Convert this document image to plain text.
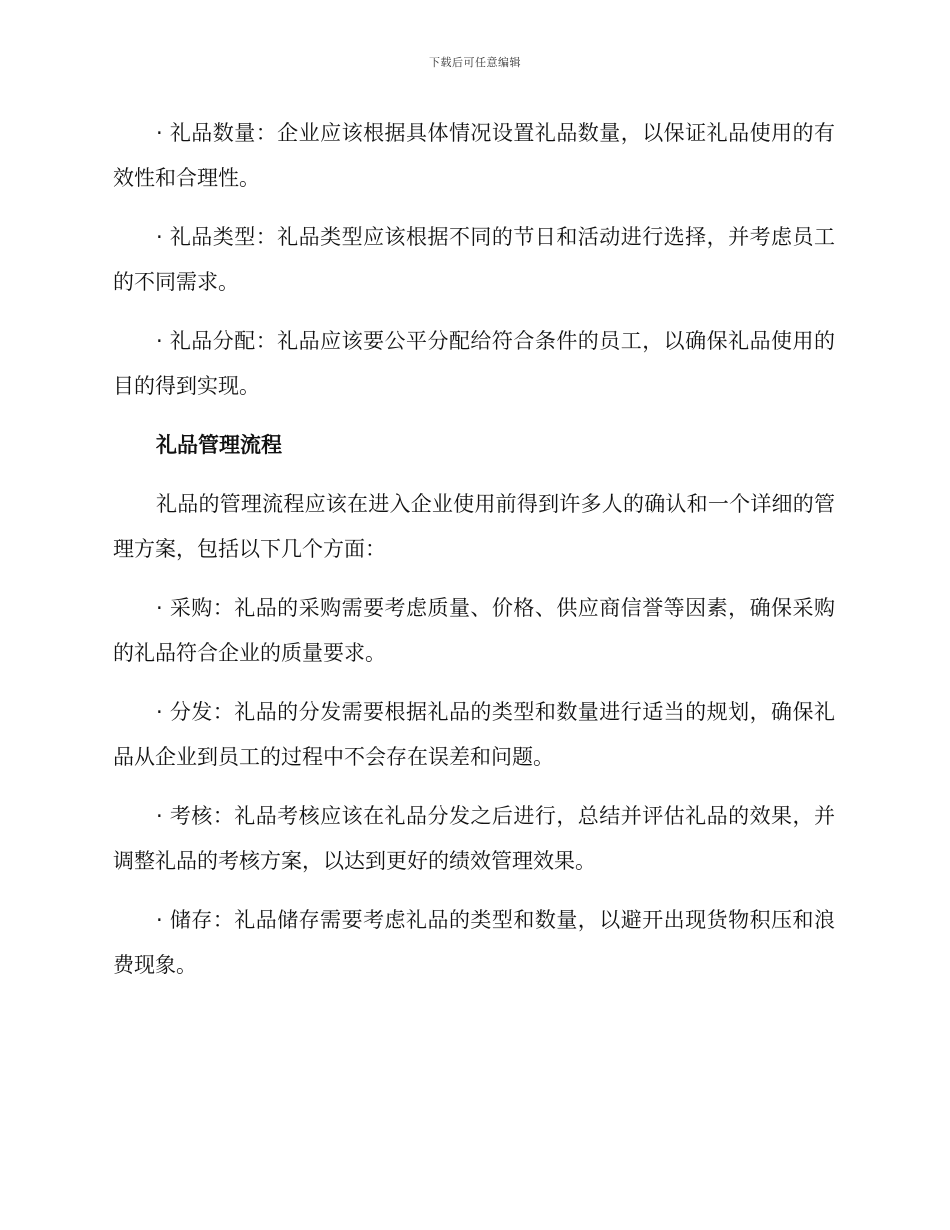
下载后可任意编辑

· 礼品数量：企业应该根据具体情况设置礼品数量，以保证礼品使用的有效性和合理性。

· 礼品类型：礼品类型应该根据不同的节日和活动进行选择，并考虑员工的不同需求。

· 礼品分配：礼品应该要公平分配给符合条件的员工，以确保礼品使用的目的得到实现。

礼品管理流程

礼品的管理流程应该在进入企业使用前得到许多人的确认和一个详细的管理方案，包括以下几个方面：

· 采购：礼品的采购需要考虑质量、价格、供应商信誉等因素，确保采购的礼品符合企业的质量要求。

· 分发：礼品的分发需要根据礼品的类型和数量进行适当的规划，确保礼品从企业到员工的过程中不会存在误差和问题。

· 考核：礼品考核应该在礼品分发之后进行，总结并评估礼品的效果，并调整礼品的考核方案，以达到更好的绩效管理效果。

· 储存：礼品储存需要考虑礼品的类型和数量，以避开出现货物积压和浪费现象。
